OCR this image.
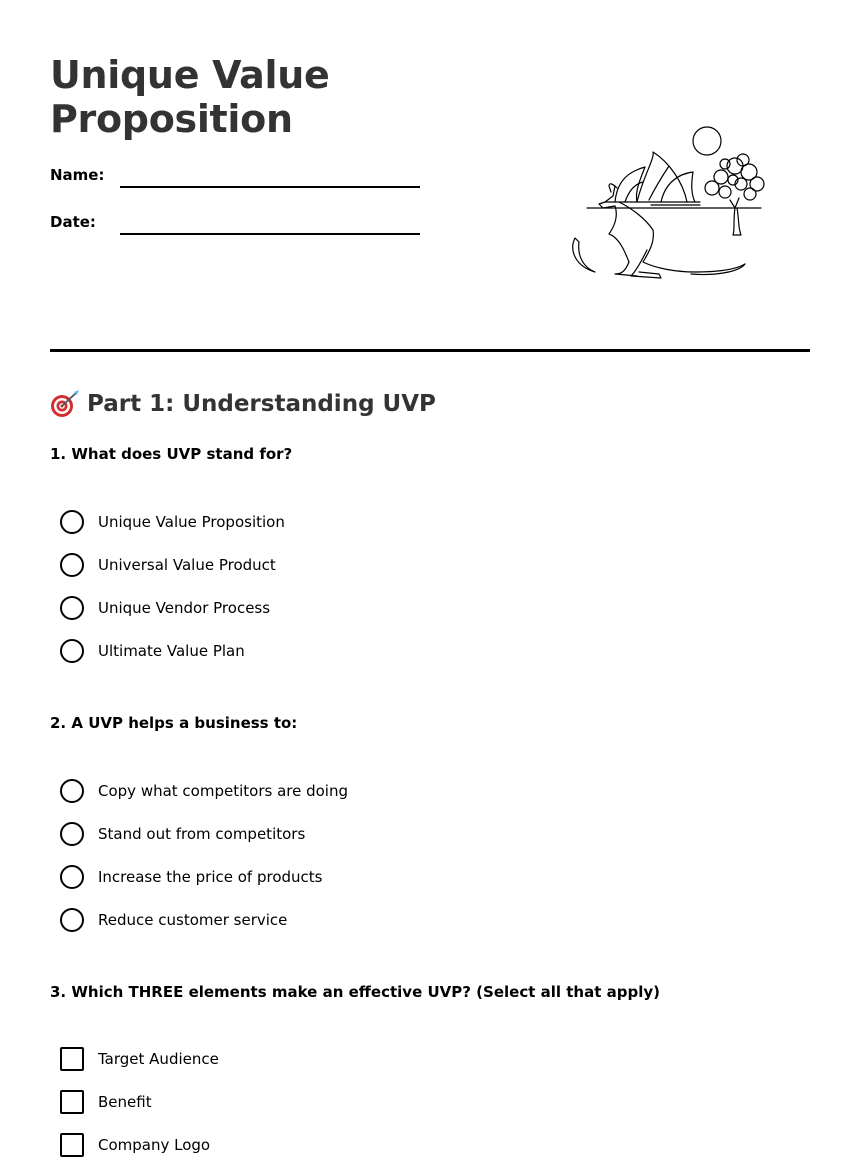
Unique Value
Proposition
Name:
Date:
Part 1: Understanding UVP
1. What does UVP stand for?
Unique Value Proposition
Universal Value Product
Unique Vendor Process
Ultimate Value Plan
2. A UVP helps a business to:
Copy what competitors are doing
Stand out from competitors
Increase the price of products
Reduce customer service
3. Which THREE elements make an effective UVP? (Select all that apply)
Target Audience
Benefit
Company Logo
